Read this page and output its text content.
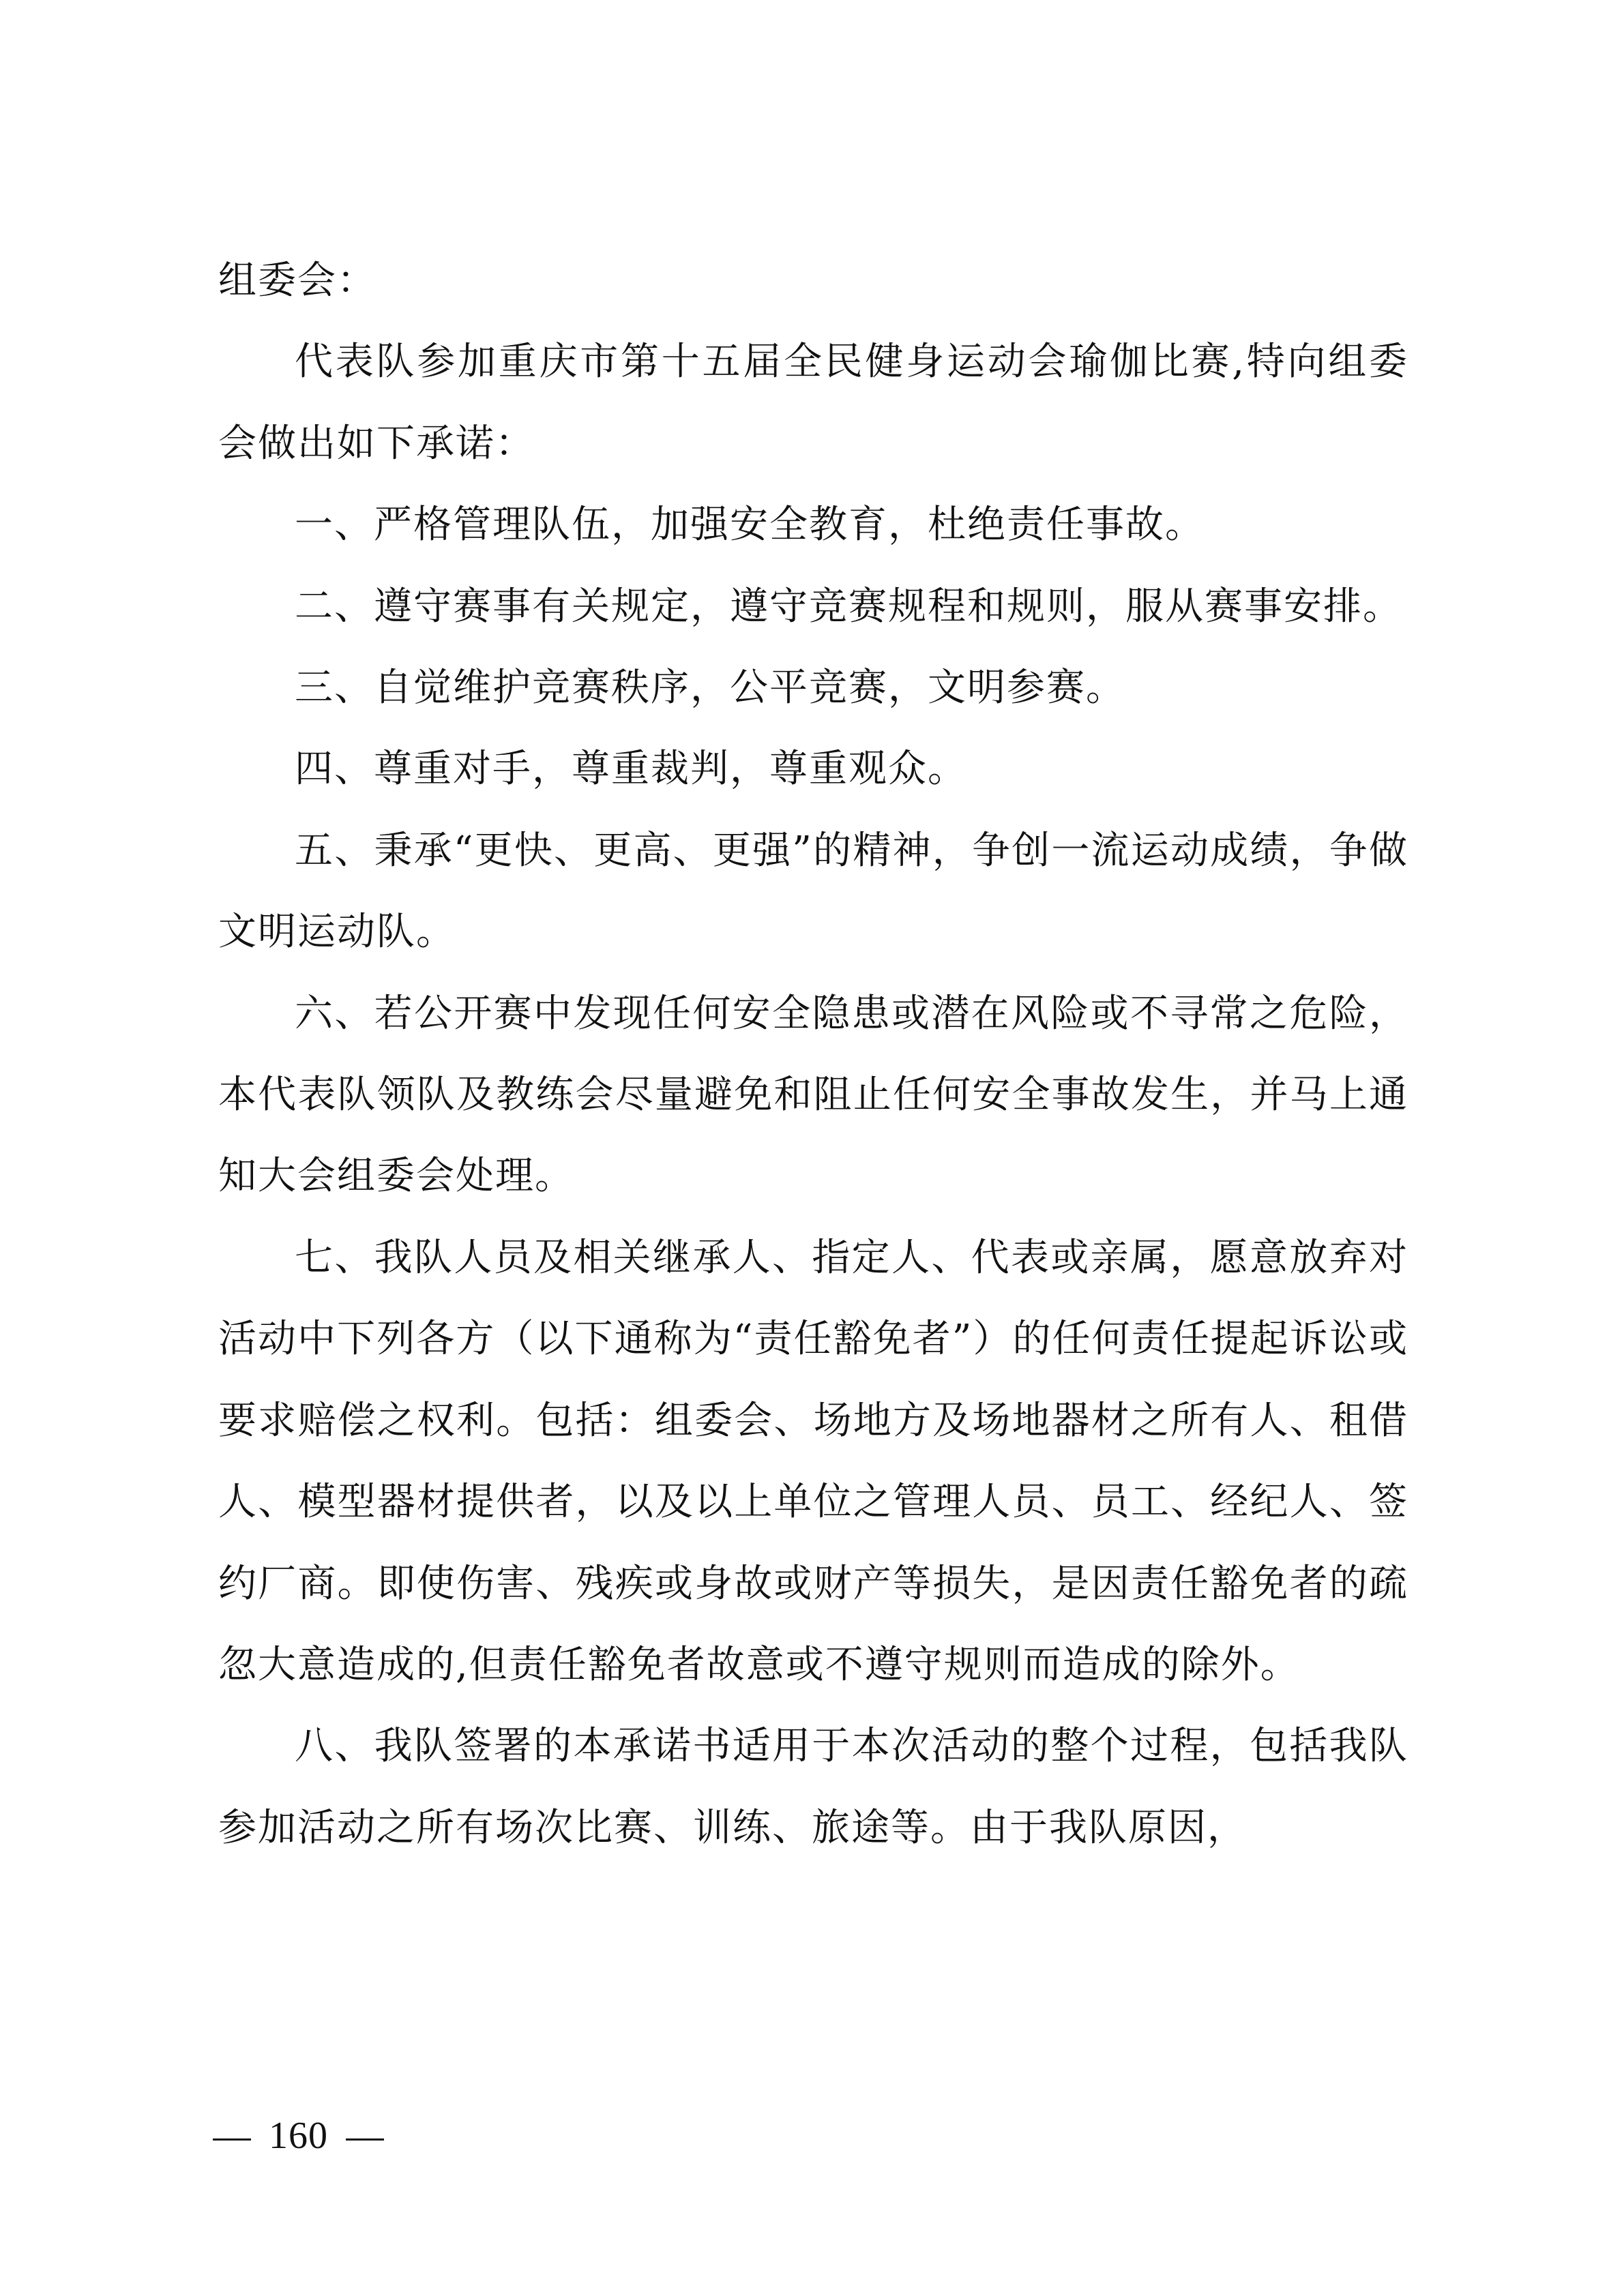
组委会：

代表队参加重庆市第十五届全民健身运动会瑜伽比赛,特向组委会做出如下承诺：

一、严格管理队伍，加强安全教育，杜绝责任事故。

二、遵守赛事有关规定，遵守竞赛规程和规则，服从赛事安排。

三、自觉维护竞赛秩序，公平竞赛，文明参赛。

四、尊重对手，尊重裁判，尊重观众。

五、秉承“更快、更高、更强”的精神，争创一流运动成绩，争做文明运动队。

六、若公开赛中发现任何安全隐患或潜在风险或不寻常之危险，本代表队领队及教练会尽量避免和阻止任何安全事故发生，并马上通知大会组委会处理。

七、我队人员及相关继承人、指定人、代表或亲属，愿意放弃对活动中下列各方（以下通称为“责任豁免者”）的任何责任提起诉讼或要求赔偿之权利。包括：组委会、场地方及场地器材之所有人、租借人、模型器材提供者，以及以上单位之管理人员、员工、经纪人、签约厂商。即使伤害、残疾或身故或财产等损失，是因责任豁免者的疏忽大意造成的,但责任豁免者故意或不遵守规则而造成的除外。

八、我队签署的本承诺书适用于本次活动的整个过程，包括我队参加活动之所有场次比赛、训练、旅途等。由于我队原因，

160
